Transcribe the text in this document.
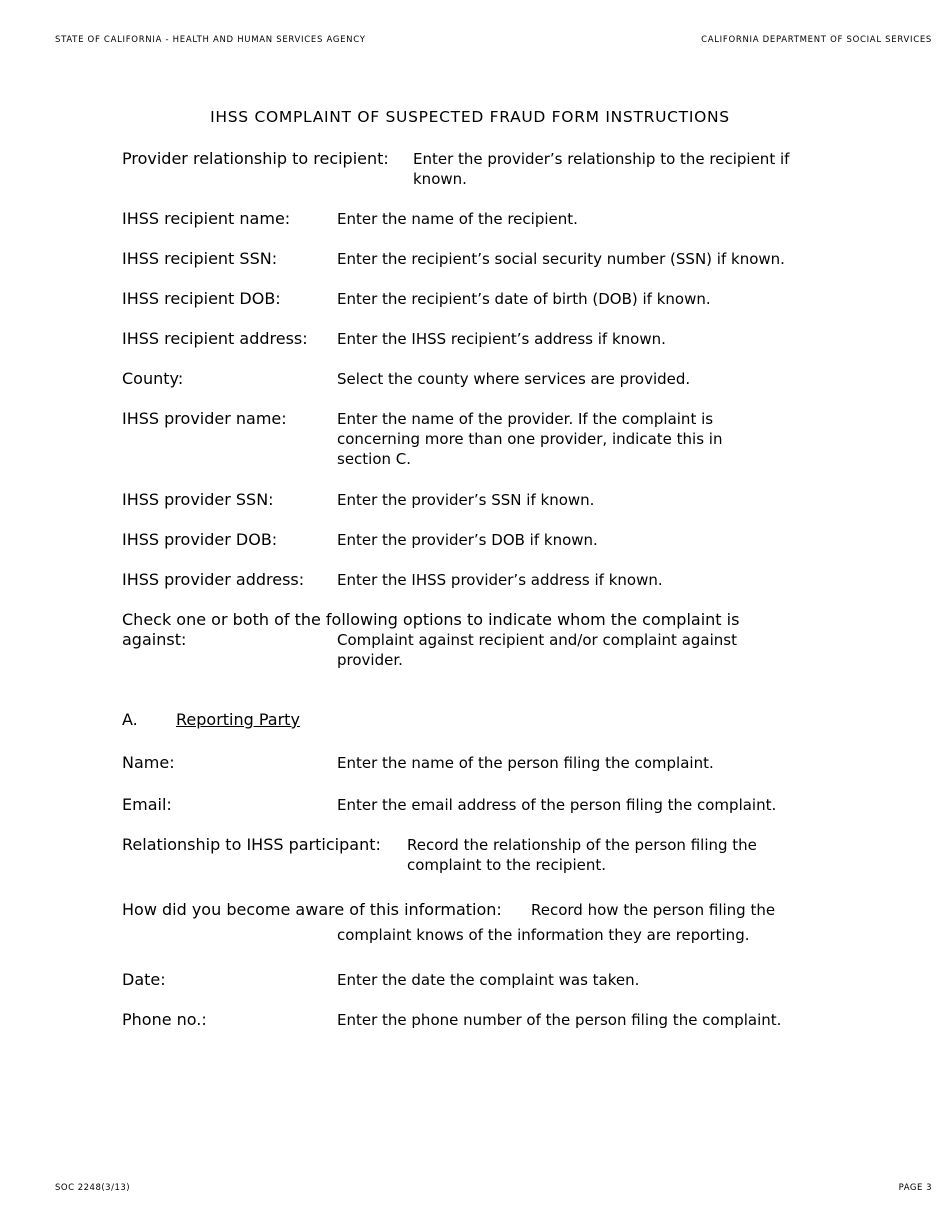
STATE OF CALIFORNIA - HEALTH AND HUMAN SERVICES AGENCY	CALIFORNIA DEPARTMENT OF SOCIAL SERVICES
IHSS COMPLAINT OF SUSPECTED FRAUD FORM INSTRUCTIONS
Provider relationship to recipient: Enter the provider’s relationship to the recipient if known.
IHSS recipient name:	Enter the name of the recipient.
IHSS recipient SSN:	Enter the recipient’s social security number (SSN) if known.
IHSS recipient DOB:	Enter the recipient’s date of birth (DOB) if known.
IHSS recipient address: Enter the IHSS recipient’s address if known.
County:	Select the county where services are provided.
IHSS provider name:	Enter the name of the provider. If the complaint is concerning more than one provider, indicate this in section C.
IHSS provider SSN:	Enter the provider’s SSN if known.
IHSS provider DOB:	Enter the provider’s DOB if known.
IHSS provider address: Enter the IHSS provider’s address if known.
Check one or both of the following options to indicate whom the complaint is
against:	Complaint against recipient and/or complaint against provider.
A. Reporting Party
Name:	Enter the name of the person filing the complaint.
Email:	Enter the email address of the person filing the complaint.
Relationship to IHSS participant: Record the relationship of the person filing the complaint to the recipient.
How did you become aware of this information: Record how the person filing the
complaint knows of the information they are reporting.
Date:	Enter the date the complaint was taken.
Phone no.:	Enter the phone number of the person filing the complaint.
SOC 2248(3/13)	PAGE 3
